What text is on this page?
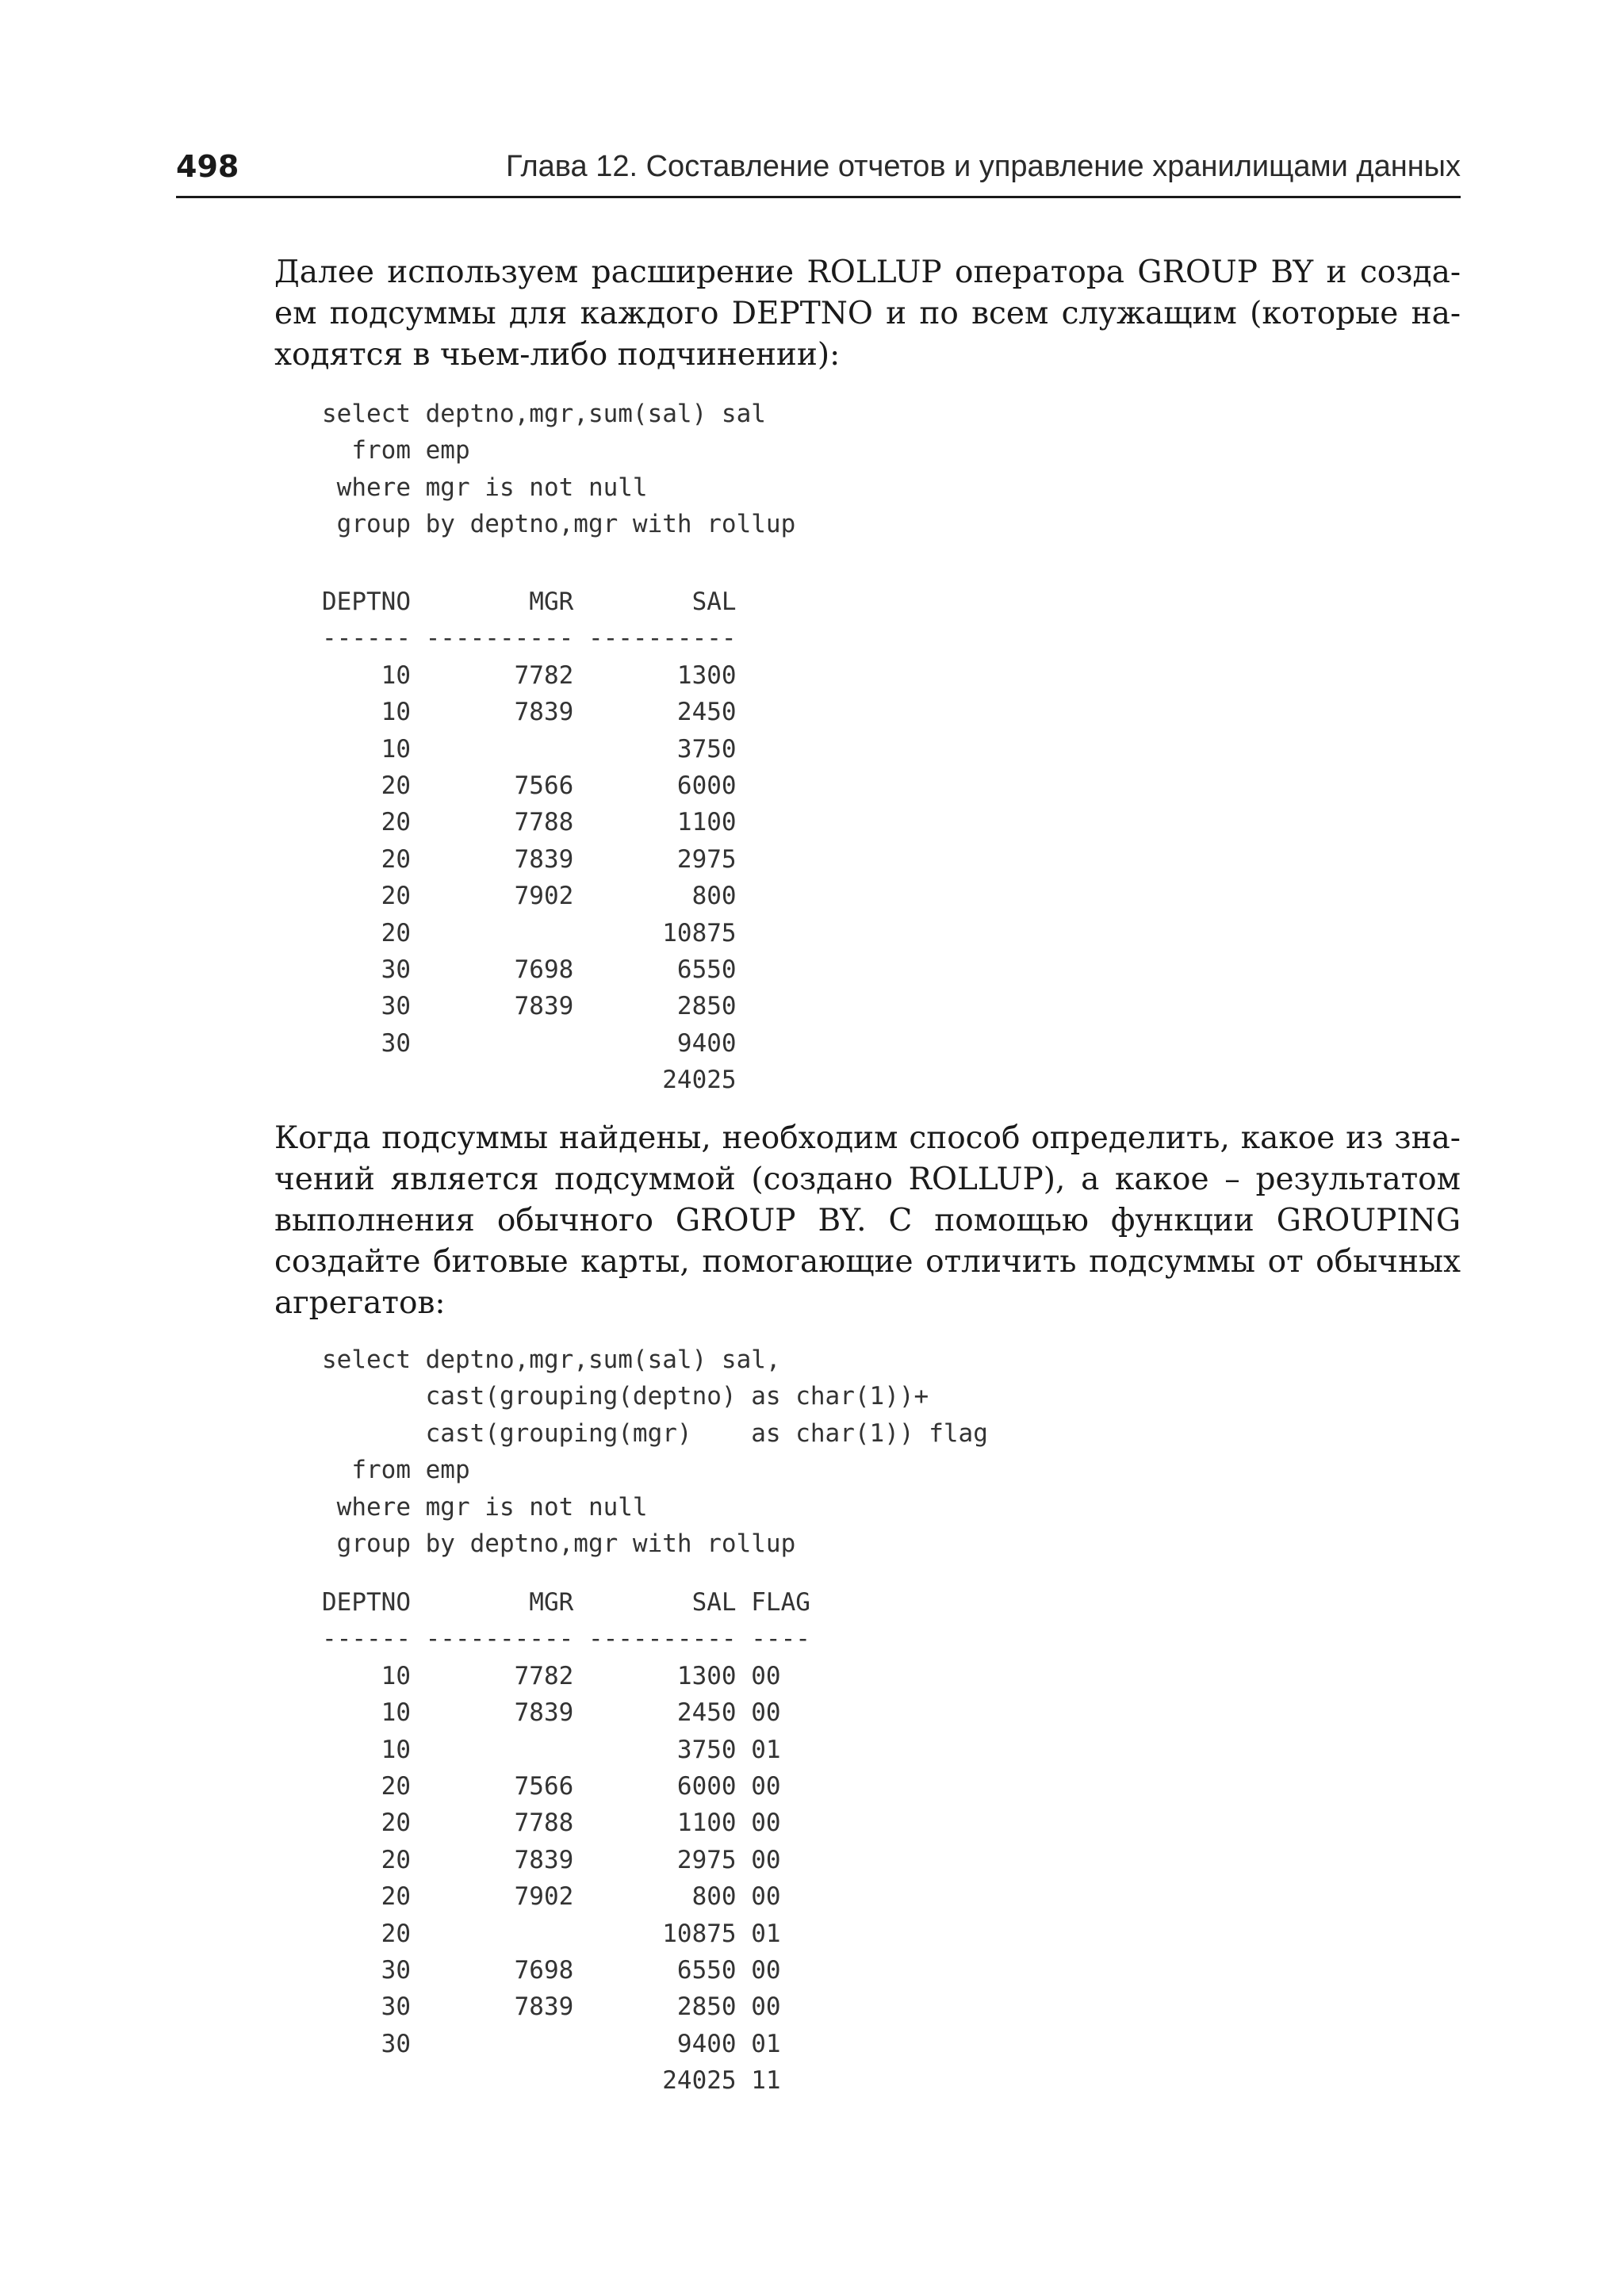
498	Глава 12. Составление отчетов и управление хранилищами данных

Далее используем расширение ROLLUP оператора GROUP BY и созда-
ем подсуммы для каждого DEPTNO и по всем служащим (которые на-
ходятся в чьем-либо подчинении):

select deptno,mgr,sum(sal) sal
from emp
where mgr is not null
group by deptno,mgr with rollup
DEPTNO        MGR        SAL
------ ---------- ----------
10       7782       1300
10       7839       2450
10                  3750
20       7566       6000
20       7788       1100
20       7839       2975
20       7902        800
20                 10875
30       7698       6550
30       7839       2850
30                  9400
24025

Когда подсуммы найдены, необходим способ определить, какое из зна-
чений является подсуммой (создано ROLLUP), а какое – результатом
выполнения обычного GROUP BY. С помощью функции GROUPING
создайте битовые карты, помогающие отличить подсуммы от обычных
агрегатов:

select deptno,mgr,sum(sal) sal,
cast(grouping(deptno) as char(1))+
cast(grouping(mgr)    as char(1)) flag
from emp
where mgr is not null
group by deptno,mgr with rollup
DEPTNO        MGR        SAL FLAG
------ ---------- ---------- ----
10       7782       1300 00
10       7839       2450 00
10                  3750 01
20       7566       6000 00
20       7788       1100 00
20       7839       2975 00
20       7902        800 00
20                 10875 01
30       7698       6550 00
30       7839       2850 00
30                  9400 01
24025 11
